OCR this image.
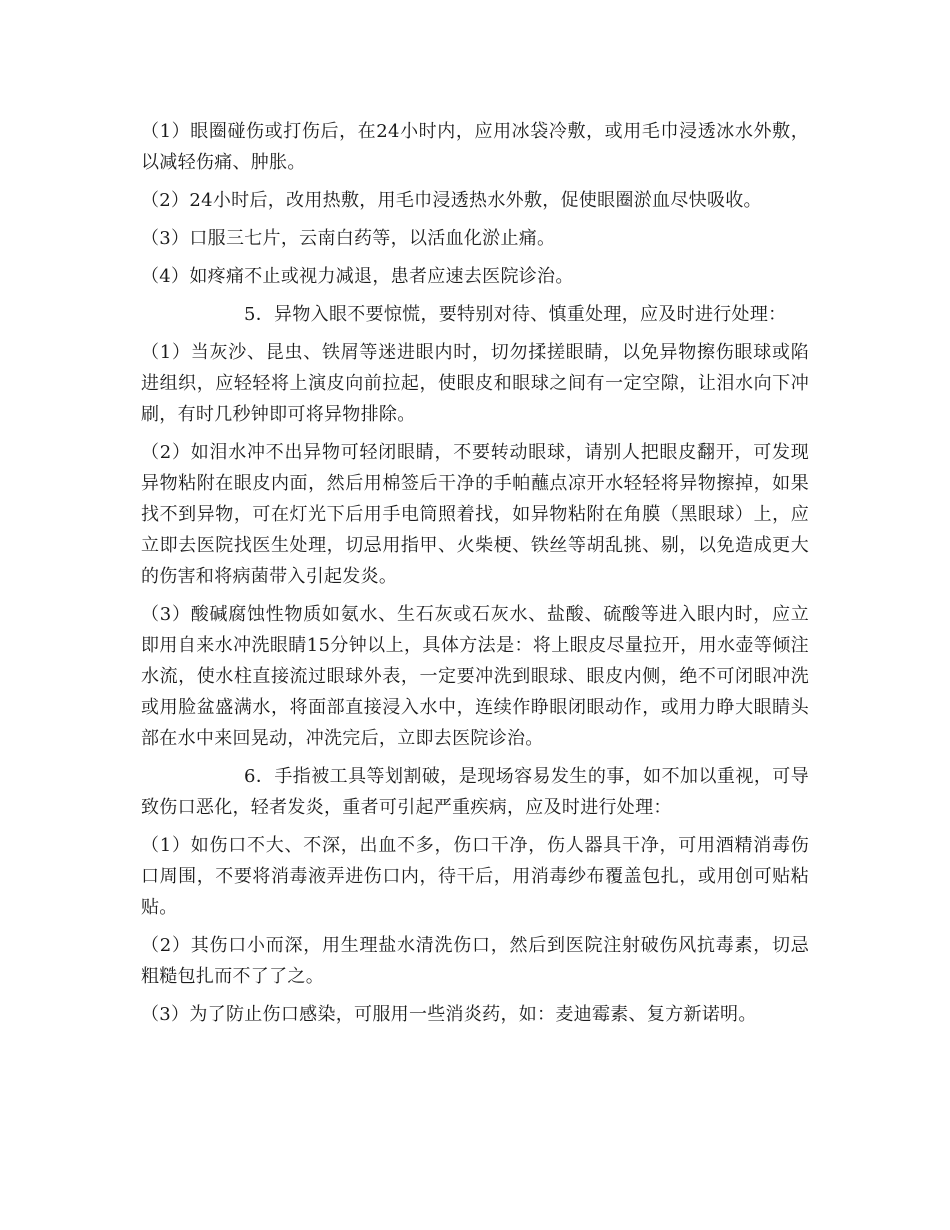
（1）眼圈碰伤或打伤后，在24小时内，应用冰袋冷敷，或用毛巾浸透冰水外敷，以减轻伤痛、肿胀。

（2）24小时后，改用热敷，用毛巾浸透热水外敷，促使眼圈淤血尽快吸收。

（3）口服三七片，云南白药等，以活血化淤止痛。

（4）如疼痛不止或视力减退，患者应速去医院诊治。

5．异物入眼不要惊慌，要特别对待、慎重处理，应及时进行处理：

（1）当灰沙、昆虫、铁屑等迷进眼内时，切勿揉搓眼睛，以免异物擦伤眼球或陷进组织，应轻轻将上演皮向前拉起，使眼皮和眼球之间有一定空隙，让泪水向下冲刷，有时几秒钟即可将异物排除。

（2）如泪水冲不出异物可轻闭眼睛，不要转动眼球，请别人把眼皮翻开，可发现异物粘附在眼皮内面，然后用棉签后干净的手帕蘸点凉开水轻轻将异物擦掉，如果找不到异物，可在灯光下后用手电筒照着找，如异物粘附在角膜（黑眼球）上，应立即去医院找医生处理，切忌用指甲、火柴梗、铁丝等胡乱挑、剔，以免造成更大的伤害和将病菌带入引起发炎。

（3）酸碱腐蚀性物质如氨水、生石灰或石灰水、盐酸、硫酸等进入眼内时，应立即用自来水冲洗眼睛15分钟以上，具体方法是：将上眼皮尽量拉开，用水壶等倾注水流，使水柱直接流过眼球外表，一定要冲洗到眼球、眼皮内侧，绝不可闭眼冲洗或用脸盆盛满水，将面部直接浸入水中，连续作睁眼闭眼动作，或用力睁大眼睛头部在水中来回晃动，冲洗完后，立即去医院诊治。

6．手指被工具等划割破，是现场容易发生的事，如不加以重视，可导致伤口恶化，轻者发炎，重者可引起严重疾病，应及时进行处理：

（1）如伤口不大、不深，出血不多，伤口干净，伤人器具干净，可用酒精消毒伤口周围，不要将消毒液弄进伤口内，待干后，用消毒纱布覆盖包扎，或用创可贴粘贴。

（2）其伤口小而深，用生理盐水清洗伤口，然后到医院注射破伤风抗毒素，切忌粗糙包扎而不了了之。

（3）为了防止伤口感染，可服用一些消炎药，如：麦迪霉素、复方新诺明。
